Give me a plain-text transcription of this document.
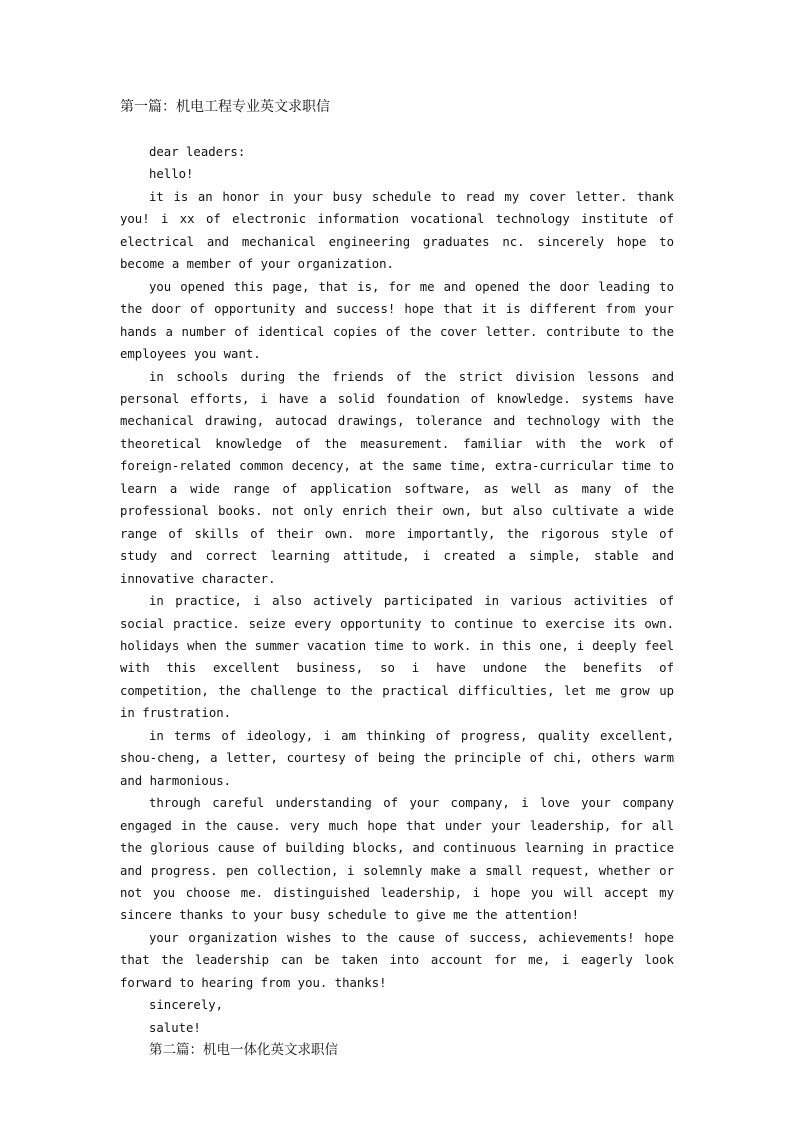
第一篇：机电工程专业英文求职信

dear leaders:

hello!

it is an honor in your busy schedule to read my cover letter. thank you! i xx of electronic information vocational technology institute of electrical and mechanical engineering graduates nc. sincerely hope to become a member of your organization.

you opened this page, that is, for me and opened the door leading to the door of opportunity and success! hope that it is different from your hands a number of identical copies of the cover letter. contribute to the employees you want.

in schools during the friends of the strict division lessons and personal efforts, i have a solid foundation of knowledge. systems have mechanical drawing, autocad drawings, tolerance and technology with the theoretical knowledge of the measurement. familiar with the work of foreign-related common decency, at the same time, extra-curricular time to learn a wide range of application software, as well as many of the professional books. not only enrich their own, but also cultivate a wide range of skills of their own. more importantly, the rigorous style of study and correct learning attitude, i created a simple, stable and innovative character.

in practice, i also actively participated in various activities of social practice. seize every opportunity to continue to exercise its own. holidays when the summer vacation time to work. in this one, i deeply feel with this excellent business, so i have undone the benefits of competition, the challenge to the practical difficulties, let me grow up in frustration.

in terms of ideology, i am thinking of progress, quality excellent, shou-cheng, a letter, courtesy of being the principle of chi, others warm and harmonious.

through careful understanding of your company, i love your company engaged in the cause. very much hope that under your leadership, for all the glorious cause of building blocks, and continuous learning in practice and progress. pen collection, i solemnly make a small request, whether or not you choose me. distinguished leadership, i hope you will accept my sincere thanks to your busy schedule to give me the attention!

your organization wishes to the cause of success, achievements! hope that the leadership can be taken into account for me, i eagerly look forward to hearing from you. thanks!

sincerely,

salute!

第二篇：机电一体化英文求职信
